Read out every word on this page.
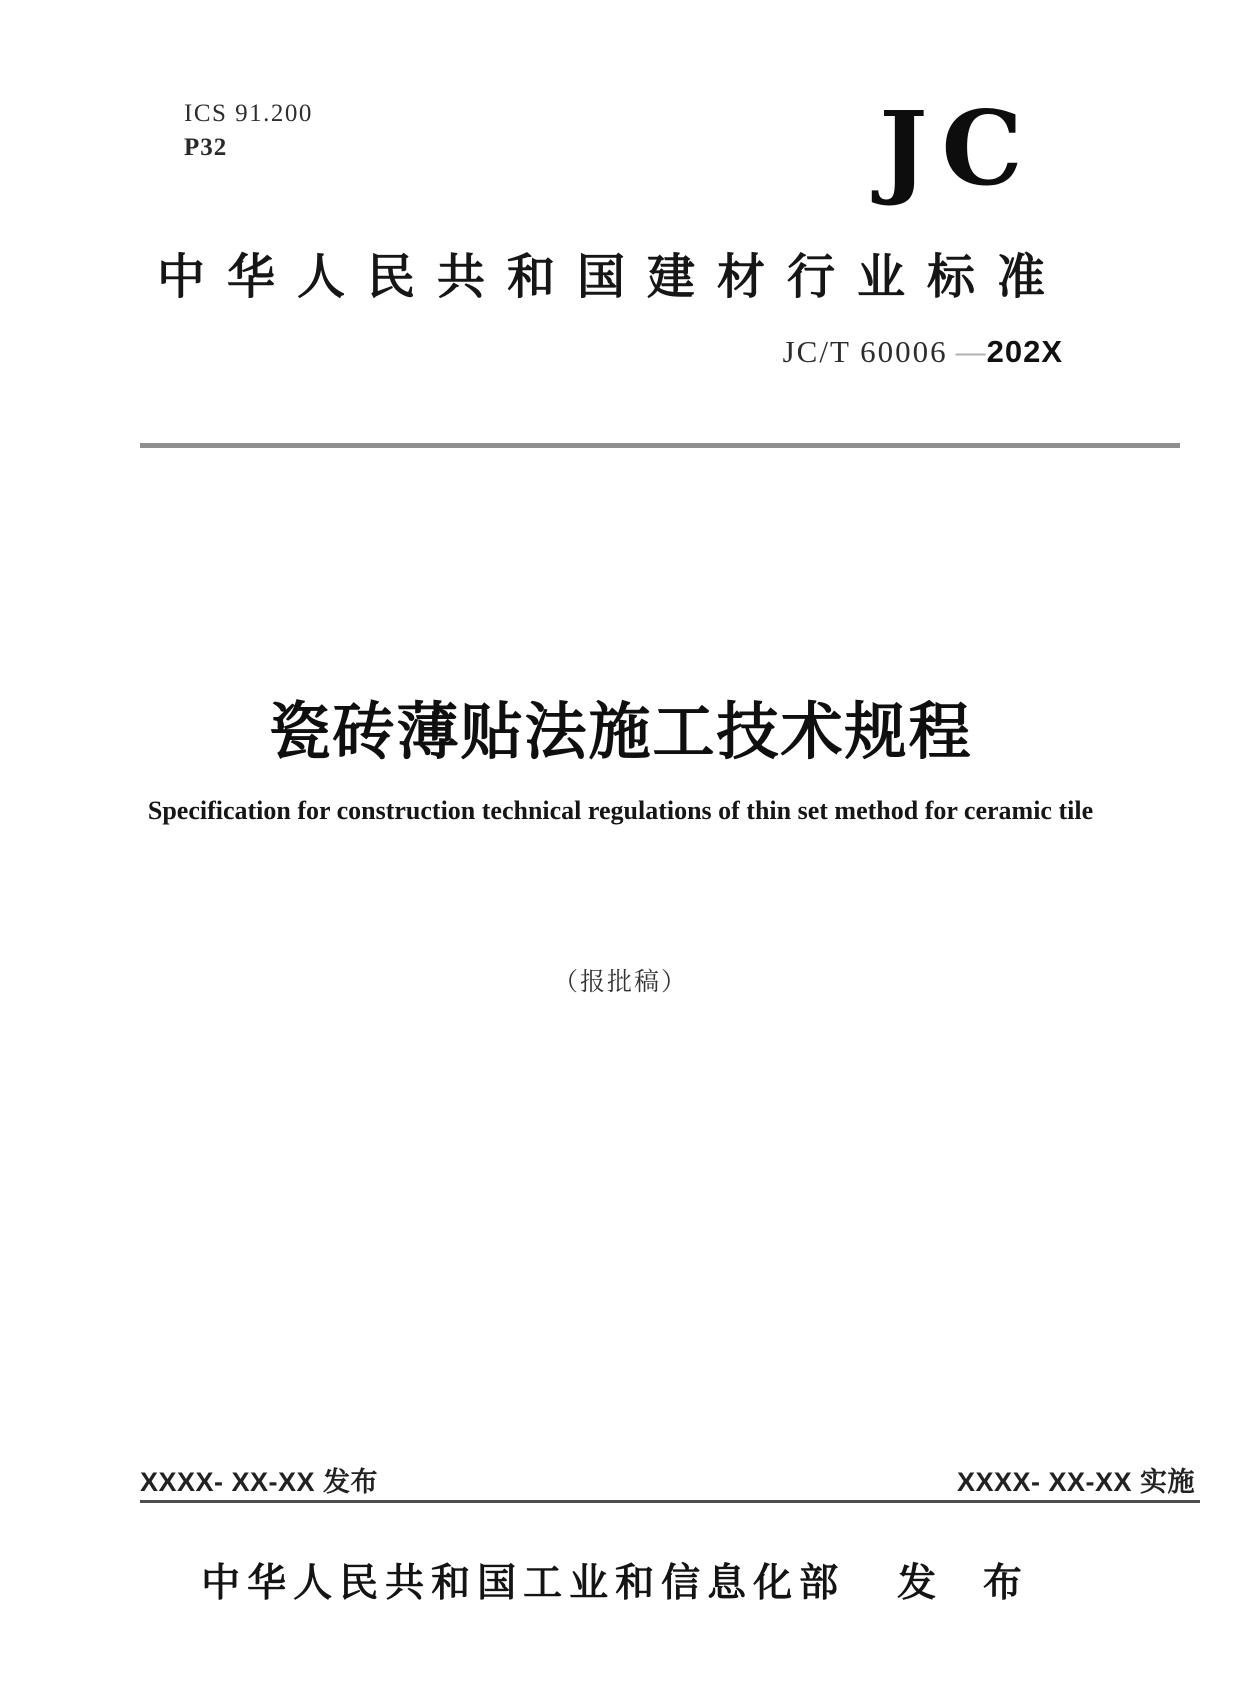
ICS 91.200
P32	JC
中华人民共和国建材行业标准
JC/T 60006 — 202X
瓷砖薄贴法施工技术规程
Specification for construction technical regulations of thin set method for ceramic tile
（报批稿）
XXXX- XX-XX 发布	XXXX- XX-XX 实施
中华人民共和国工业和信息化部 发 布
